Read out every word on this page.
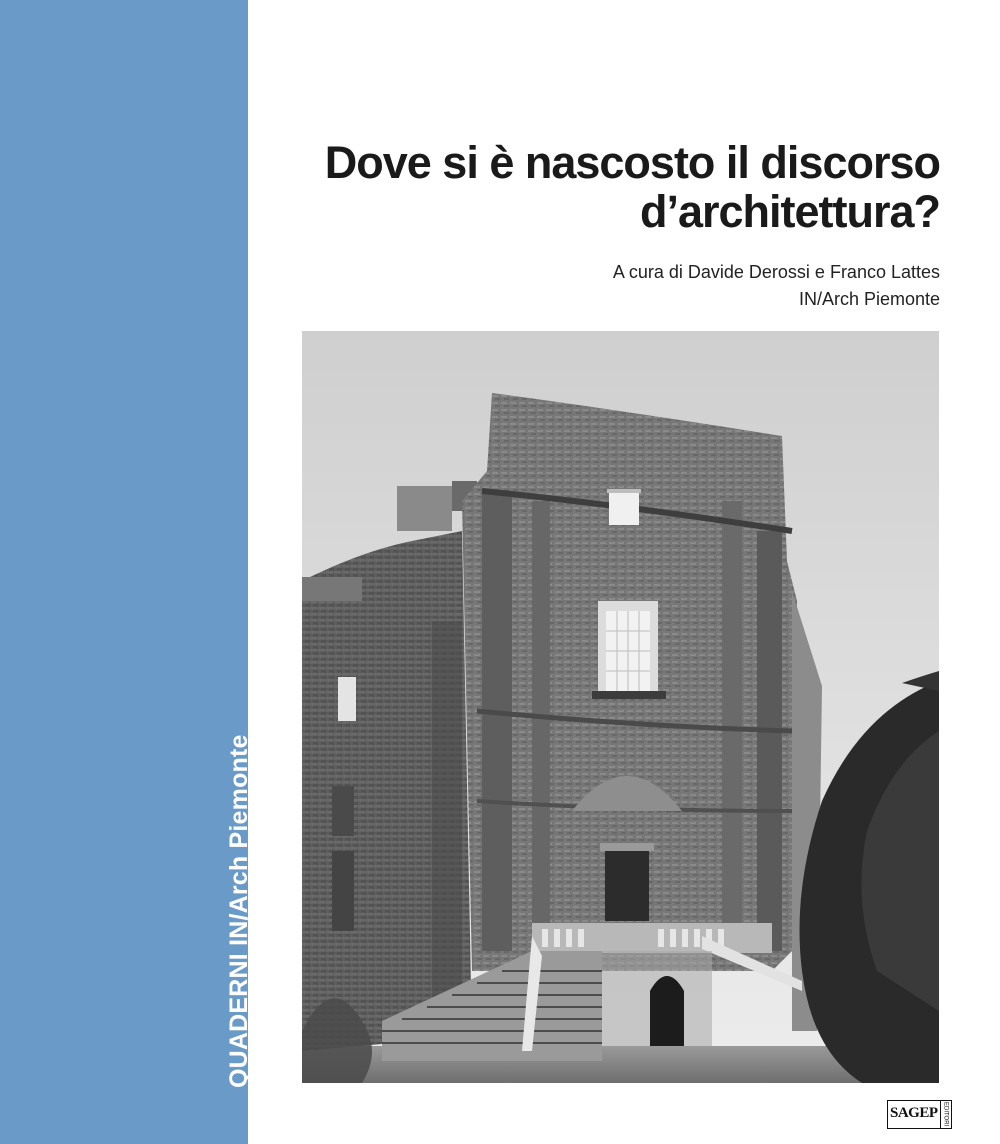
QUADERNI IN/Arch Piemonte
Dove si è nascosto il discorso
d’architettura?
A cura di Davide Derossi e Franco Lattes
IN/Arch Piemonte
SAGEP EDITORI
